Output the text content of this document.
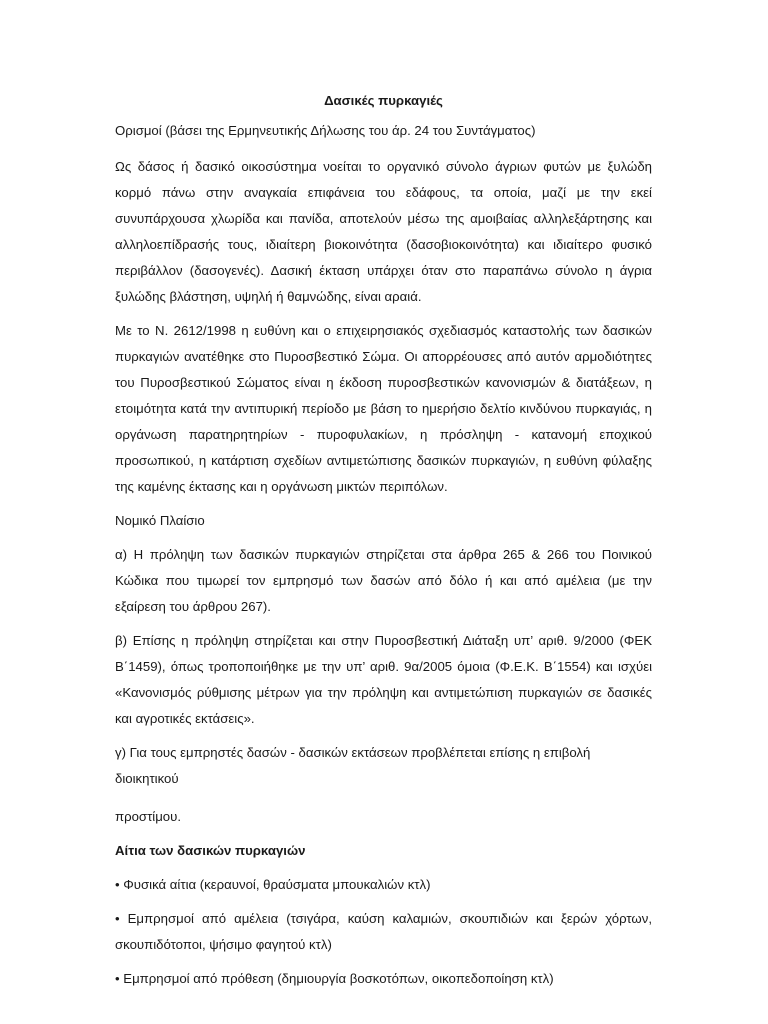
Δασικές πυρκαγιές
Ορισμοί (βάσει της Ερμηνευτικής Δήλωσης του άρ. 24 του Συντάγματος)
Ως δάσος ή δασικό οικοσύστημα νοείται το οργανικό σύνολο άγριων φυτών με ξυλώδη κορμό πάνω στην αναγκαία επιφάνεια του εδάφους, τα οποία, μαζί με την εκεί συνυπάρχουσα χλωρίδα και πανίδα, αποτελούν μέσω της αμοιβαίας αλληλεξάρτησης και αλληλοεπίδρασής τους, ιδιαίτερη βιοκοινότητα (δασοβιοκοινότητα) και ιδιαίτερο φυσικό περιβάλλον (δασογενές). Δασική έκταση υπάρχει όταν στο παραπάνω σύνολο η άγρια ξυλώδης βλάστηση, υψηλή ή θαμνώδης, είναι αραιά.
Με το Ν. 2612/1998 η ευθύνη και ο επιχειρησιακός σχεδιασμός καταστολής των δασικών πυρκαγιών ανατέθηκε στο Πυροσβεστικό Σώμα. Οι απορρέουσες από αυτόν αρμοδιότητες του Πυροσβεστικού Σώματος είναι η έκδοση πυροσβεστικών κανονισμών & διατάξεων, η ετοιμότητα κατά την αντιπυρική περίοδο με βάση το ημερήσιο δελτίο κινδύνου πυρκαγιάς, η οργάνωση παρατηρητηρίων - πυροφυλακίων, η πρόσληψη - κατανομή εποχικού προσωπικού, η κατάρτιση σχεδίων αντιμετώπισης δασικών πυρκαγιών, η ευθύνη φύλαξης της καμένης έκτασης και η οργάνωση μικτών περιπόλων.
Νομικό Πλαίσιο
α) Η πρόληψη των δασικών πυρκαγιών στηρίζεται στα άρθρα 265 & 266 του Ποινικού Κώδικα που τιμωρεί τον εμπρησμό των δασών από δόλο ή και από αμέλεια (με την εξαίρεση του άρθρου 267).
β) Επίσης η πρόληψη στηρίζεται και στην Πυροσβεστική Διάταξη υπ’ αριθ. 9/2000 (ΦΕΚ Β΄1459), όπως τροποποιήθηκε με την υπ’ αριθ. 9α/2005 όμοια (Φ.Ε.Κ. Β΄1554) και ισχύει «Κανονισμός ρύθμισης μέτρων για την πρόληψη και αντιμετώπιση πυρκαγιών σε δασικές και αγροτικές εκτάσεις».
γ) Για τους εμπρηστές δασών - δασικών εκτάσεων προβλέπεται επίσης η επιβολή διοικητικού
προστίμου.
Αίτια των δασικών πυρκαγιών
• Φυσικά αίτια (κεραυνοί, θραύσματα μπουκαλιών κτλ)
• Εμπρησμοί από αμέλεια (τσιγάρα, καύση καλαμιών, σκουπιδιών και ξερών χόρτων, σκουπιδότοποι, ψήσιμο φαγητού κτλ)
• Εμπρησμοί από πρόθεση (δημιουργία βοσκοτόπων, οικοπεδοποίηση κτλ)
